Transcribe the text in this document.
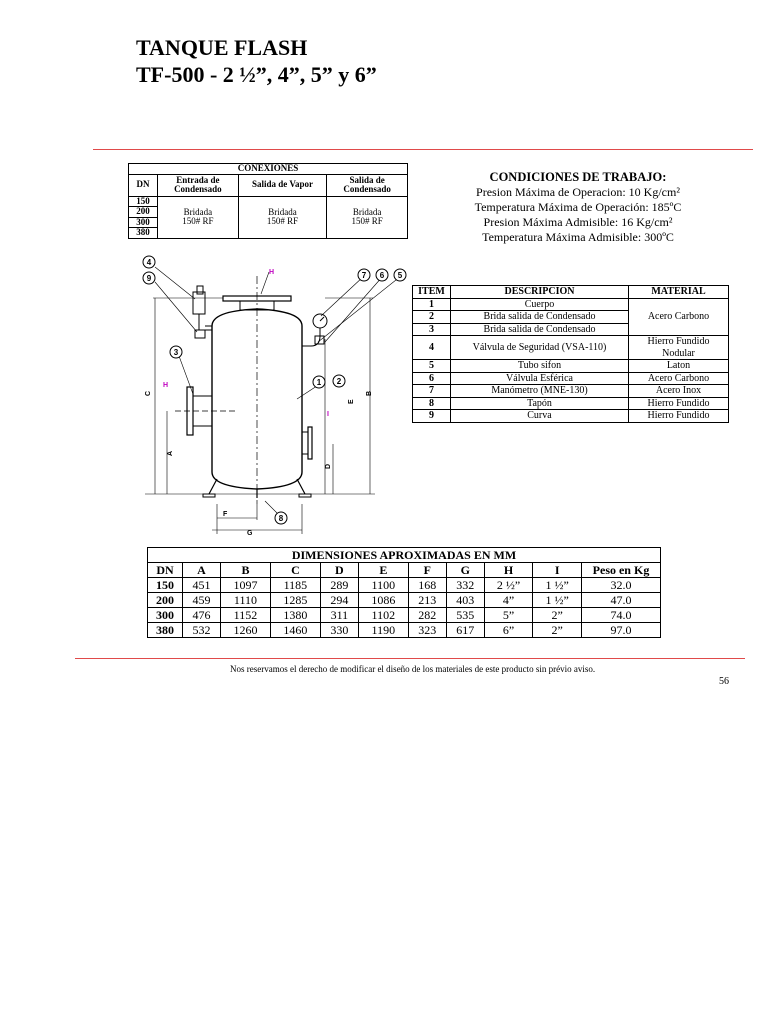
TANQUE FLASH
TF-500 - 2 ½”, 4”, 5” y 6”
CONEXIONES			
DN	Entrada de Condensado	Salida de Vapor	Salida de Condensado
150	Bridada 150# RF	Bridada 150# RF	Bridada 150# RF
200			
300			
380			
CONDICIONES DE TRABAJO:
Presion Máxima de Operacion: 10 Kg/cm²
Temperatura Máxima de Operación: 185ºC
Presion Máxima Admisible: 16 Kg/cm²
Temperatura Máxima Admisible: 300ºC
4
9
3
7 6 5
1 2
8
H
H
I
C
A
E
B
D
F
G
ITEM	DESCRIPCION	MATERIAL
1	Cuerpo	Acero Carbono
2	Brida salida de Condensado	
3	Brida salida de Condensado	
4	Válvula de Seguridad (VSA-110)	Hierro Fundido Nodular
5	Tubo sifon	Laton
6	Válvula Esférica	Acero Carbono
7	Manómetro (MNE-130)	Acero Inox
8	Tapón	Hierro Fundido
9	Curva	Hierro Fundido
DIMENSIONES APROXIMADAS EN MM										
DN	A	B	C	D	E	F	G	H	I	Peso en Kg
150	451	1097	1185	289	1100	168	332	2 ½”	1 ½”	32.0
200	459	1110	1285	294	1086	213	403	4”	1 ½”	47.0
300	476	1152	1380	311	1102	282	535	5”	2”	74.0
380	532	1260	1460	330	1190	323	617	6”	2”	97.0
Nos reservamos el derecho de modificar el diseño de los materiales de este producto sin prévio aviso.
56
